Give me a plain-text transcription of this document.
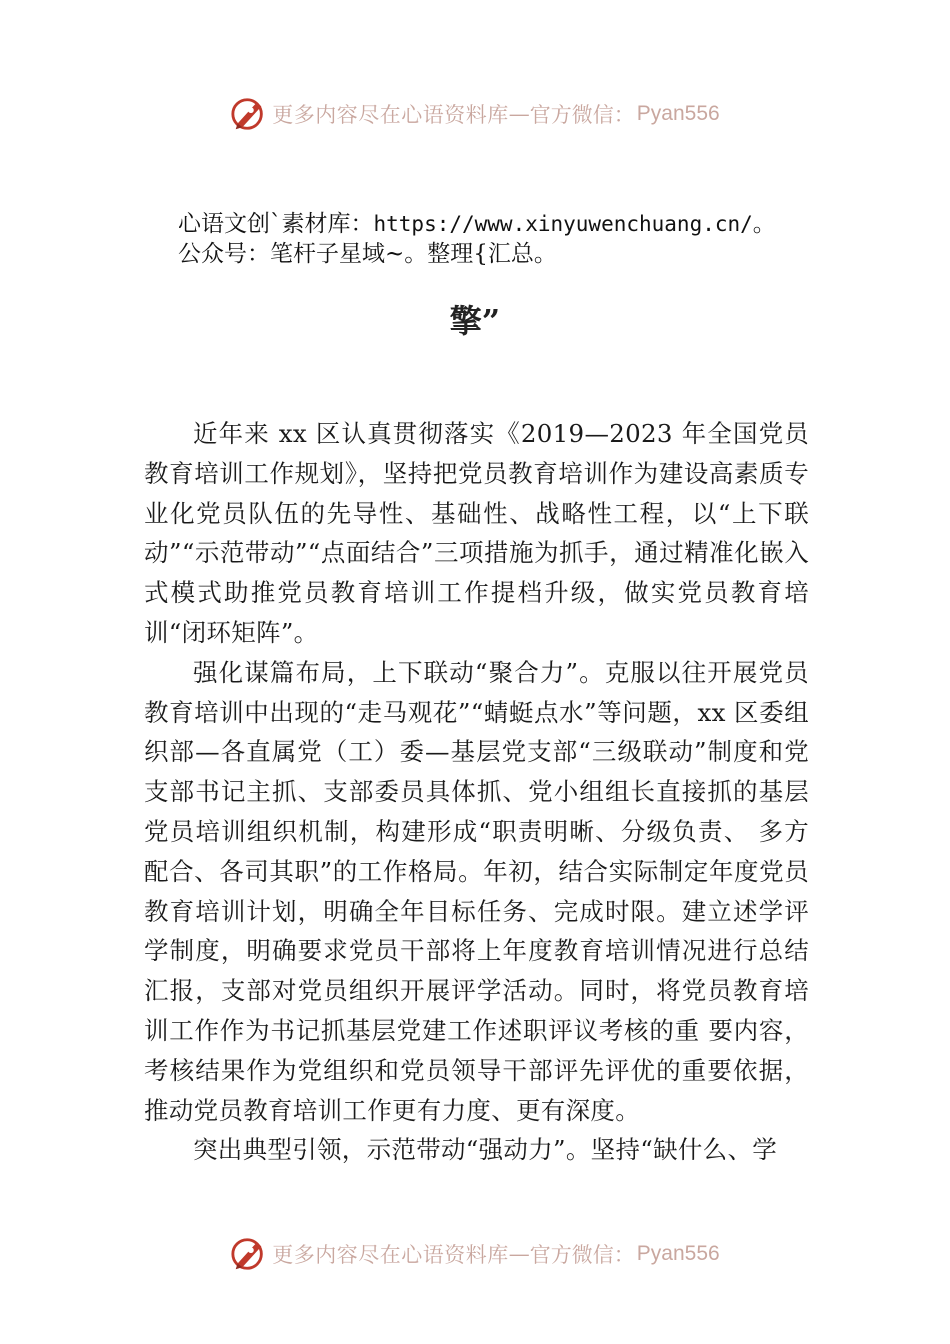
更多内容尽在心语资料库 — 官方微信： Pyan556
心语文创`素材库：https://www.xinyuwenchuang.cn/。
公众号：笔杆子星域~。整理{汇总。
擎”

近年来 xx 区认真贯彻落实《2019—2023 年全国党员教育培训工作规划》，坚持把党员教育培训作为建设高素质专 业化党员队伍的先导性、基础性、战略性工程，以“上下联动”“示范带动”“点面结合”三项措施为抓手，通过精准化嵌入式模式助推党员教育培训工作提档升级，做实党员教育培训“闭环矩阵”。

强化谋篇布局，上下联动“聚合力”。克服以往开展党员教育培训中出现的“走马观花”“蜻蜓点水”等问题，xx 区委组织部—各直属党（工）委—基层党支部“三级联动”制度和党支部书记主抓、支部委员具体抓、党小组组长直接抓的基层党员培训组织机制，构建形成“职责明晰、分级负责、 多方配合、各司其职”的工作格局。年初，结合实际制定年度党员教育培训计划，明确全年目标任务、完成时限。建立述学评学制度，明确要求党员干部将上年度教育培训情况进行总结汇报，支部对党员组织开展评学活动。同时，将党员教育培训工作作为书记抓基层党建工作述职评议考核的重 要内容，考核结果作为党组织和党员领导干部评先评优的重要依据，推动党员教育培训工作更有力度、更有深度。

突出典型引领，示范带动“强动力”。坚持“缺什么、学

更多内容尽在心语资料库 — 官方微信： Pyan556
